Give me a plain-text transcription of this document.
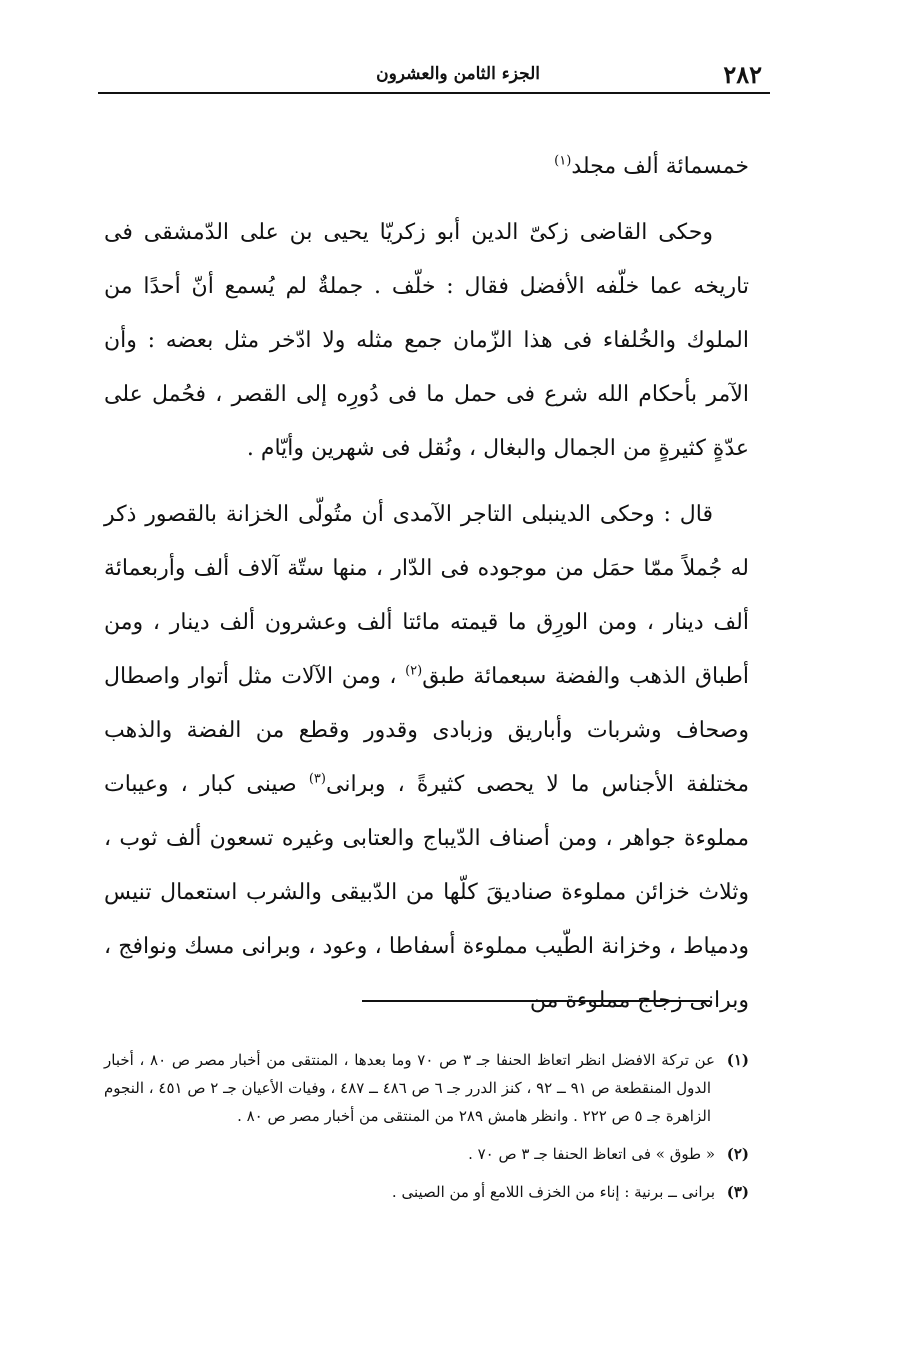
٢٨٢
الجزء الثامن والعشرون

خمسمائة ألف مجلد$^{(١)}$

وحكى القاضى زكىّ الدين أبو زكريّا يحيى بن على الدّمشقى فى تاريخه عما خلّفه الأفضل فقال : خلّف . جملةٌ لم يُسمع أنّ أحدًا من الملوك والخُلفاء فى هذا الزّمان جمع مثله ولا ادّخر مثل بعضه : وأن الآمر بأحكام الله شرع فى حمل ما فى دُورِه إلى القصر ، فحُمل على عدّةٍ كثيرةٍ من الجمال والبغال ، ونُقل فى شهرين وأيّام .

قال : وحكى الدينبلى التاجر الآمدى أن متُولّى الخزانة بالقصور ذكر له جُملاً ممّا حمَل من موجوده فى الدّار ، منها ستّة آلاف ألف وأربعمائة ألف دينار ، ومن الورِق ما قيمته مائتا ألف وعشرون ألف دينار ، ومن أطباق الذهب والفضة سبعمائة طبق$^{(٢)}$ ، ومن الآلات مثل أتوار واصطال وصحاف وشربات وأباريق وزبادى وقدور وقطع من الفضة والذهب مختلفة الأجناس ما لا يحصى كثيرةً ، وبرانى$^{(٣)}$ صينى كبار ، وعيبات مملوءة جواهر ، ومن أصناف الدّيباج والعتابى وغيره تسعون ألف ثوب ، وثلاث خزائن مملوءة صناديقَ كلّها من الدّبيقى والشرب استعمال تنيس ودمياط ، وخزانة الطّيب مملوءة أسفاطا ، وعود ، وبرانى مسك ونوافج ، وبرانى زجاج مملوءة من

(١)عن تركة الافضل انظر اتعاظ الحنفا جـ ٣ ص ٧٠ وما بعدها ، المنتقى من أخبار مصر ص ٨٠ ، أخبار الدول المنقطعة ص ٩١ ــ ٩٢ ، كنز الدرر جـ ٦ ص ٤٨٦ ــ ٤٨٧ ، وفيات الأعيان جـ ٢ ص ٤٥١ ، النجوم الزاهرة جـ ٥ ص ٢٢٢ . وانظر هامش ٢٨٩ من المنتقى من أخبار مصر ص ٨٠ .

(٢)« طوق » فى اتعاظ الحنفا جـ ٣ ص ٧٠ .

(٣)برانى ــ برنية : إناء من الخزف اللامع أو من الصينى .
